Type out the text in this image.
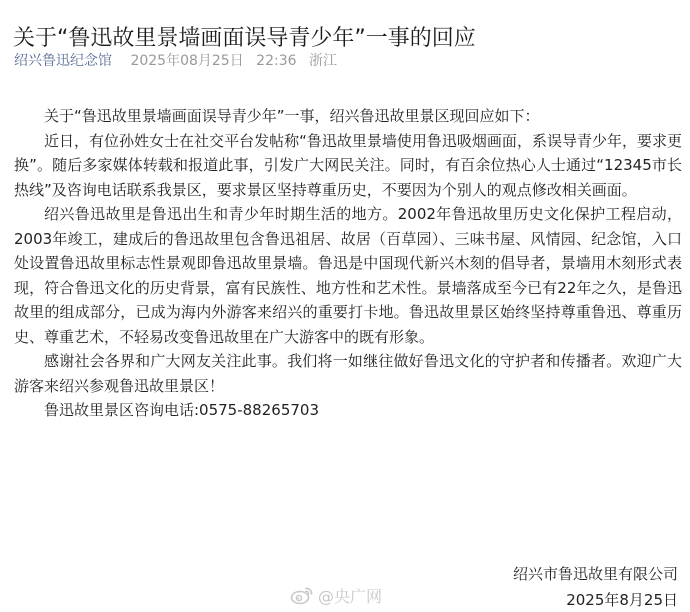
关于“鲁迅故里景墙画面误导青少年”一事的回应
绍兴鲁迅纪念馆 2025年08月25日 22:36 浙江

关于“鲁迅故里景墙画面误导青少年”一事，绍兴鲁迅故里景区现回应如下：

近日，有位孙姓女士在社交平台发帖称“鲁迅故里景墙使用鲁迅吸烟画面，系误导青少年，要求更换”。随后多家媒体转载和报道此事，引发广大网民关注。同时，有百余位热心人士通过“12345市长热线”及咨询电话联系我景区，要求景区坚持尊重历史，不要因为个别人的观点修改相关画面。

绍兴鲁迅故里是鲁迅出生和青少年时期生活的地方。2002年鲁迅故里历史文化保护工程启动，2003年竣工，建成后的鲁迅故里包含鲁迅祖居、故居（百草园）、三味书屋、风情园、纪念馆，入口处设置鲁迅故里标志性景观即鲁迅故里景墙。鲁迅是中国现代新兴木刻的倡导者，景墙用木刻形式表现，符合鲁迅文化的历史背景，富有民族性、地方性和艺术性。景墙落成至今已有22年之久，是鲁迅故里的组成部分，已成为海内外游客来绍兴的重要打卡地。鲁迅故里景区始终坚持尊重鲁迅、尊重历史、尊重艺术，不轻易改变鲁迅故里在广大游客中的既有形象。

感谢社会各界和广大网友关注此事。我们将一如继往做好鲁迅文化的守护者和传播者。欢迎广大游客来绍兴参观鲁迅故里景区！

鲁迅故里景区咨询电话:0575-88265703

@央广网
绍兴市鲁迅故里有限公司
2025年8月25日
